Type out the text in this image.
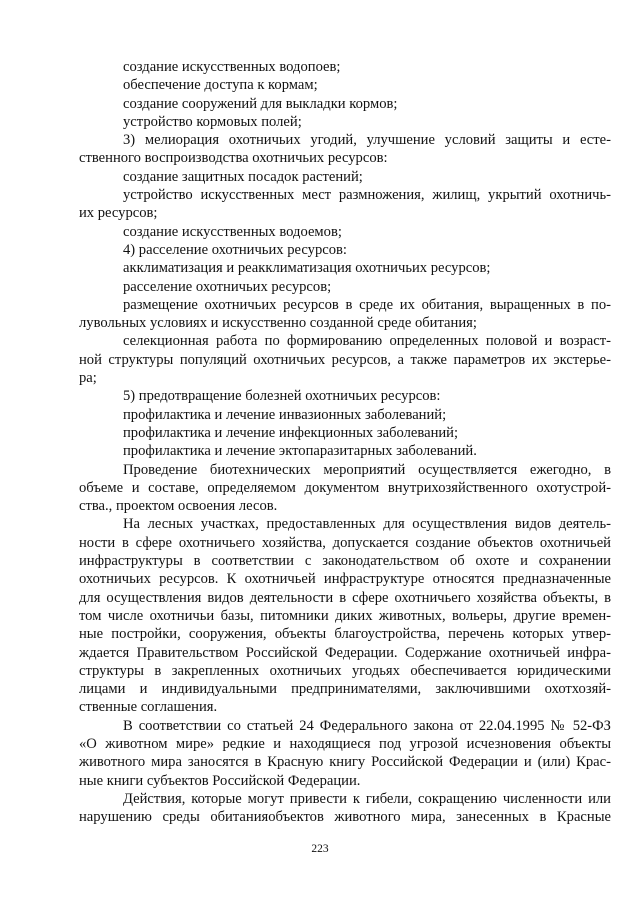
создание искусственных водопоев;
обеспечение доступа к кормам;
создание сооружений для выкладки кормов;
устройство кормовых полей;
3) мелиорация охотничьих угодий, улучшение условий защиты и есте-
ственного воспроизводства охотничьих ресурсов:
создание защитных посадок растений;
устройство искусственных мест размножения, жилищ, укрытий охотничь-
их ресурсов;
создание искусственных водоемов;
4) расселение охотничьих ресурсов:
акклиматизация и реакклиматизация охотничьих ресурсов;
расселение охотничьих ресурсов;
размещение охотничьих ресурсов в среде их обитания, выращенных в по-
лувольных условиях и искусственно созданной среде обитания;
селекционная работа по формированию определенных половой и возраст-
ной структуры популяций охотничьих ресурсов, а также параметров их экстерье-
ра;
5) предотвращение болезней охотничьих ресурсов:
профилактика и лечение инвазионных заболеваний;
профилактика и лечение инфекционных заболеваний;
профилактика и лечение эктопаразитарных заболеваний.
Проведение биотехнических мероприятий осуществляется ежегодно, в
объеме и составе, определяемом документом внутрихозяйственного охотустрой-
ства., проектом освоения лесов.
На лесных участках, предоставленных для осуществления видов деятель-
ности в сфере охотничьего хозяйства, допускается создание объектов охотничьей
инфраструктуры в соответствии с законодательством об охоте и сохранении
охотничьих ресурсов. К охотничьей инфраструктуре относятся предназначенные
для осуществления видов деятельности в сфере охотничьего хозяйства объекты, в
том числе охотничьи базы, питомники диких животных, вольеры, другие времен-
ные постройки, сооружения, объекты благоустройства, перечень которых утвер-
ждается Правительством Российской Федерации. Содержание охотничьей инфра-
структуры в закрепленных охотничьих угодьях обеспечивается юридическими
лицами и индивидуальными предпринимателями, заключившими охотхозяй-
ственные соглашения.
В соответствии со статьей 24 Федерального закона от 22.04.1995 № 52-ФЗ
«О животном мире» редкие и находящиеся под угрозой исчезновения объекты
животного мира заносятся в Красную книгу Российской Федерации и (или) Крас-
ные книги субъектов Российской Федерации.
Действия, которые могут привести к гибели, сокращению численности или
нарушению среды обитанияобъектов животного мира, занесенных в Красные
223
